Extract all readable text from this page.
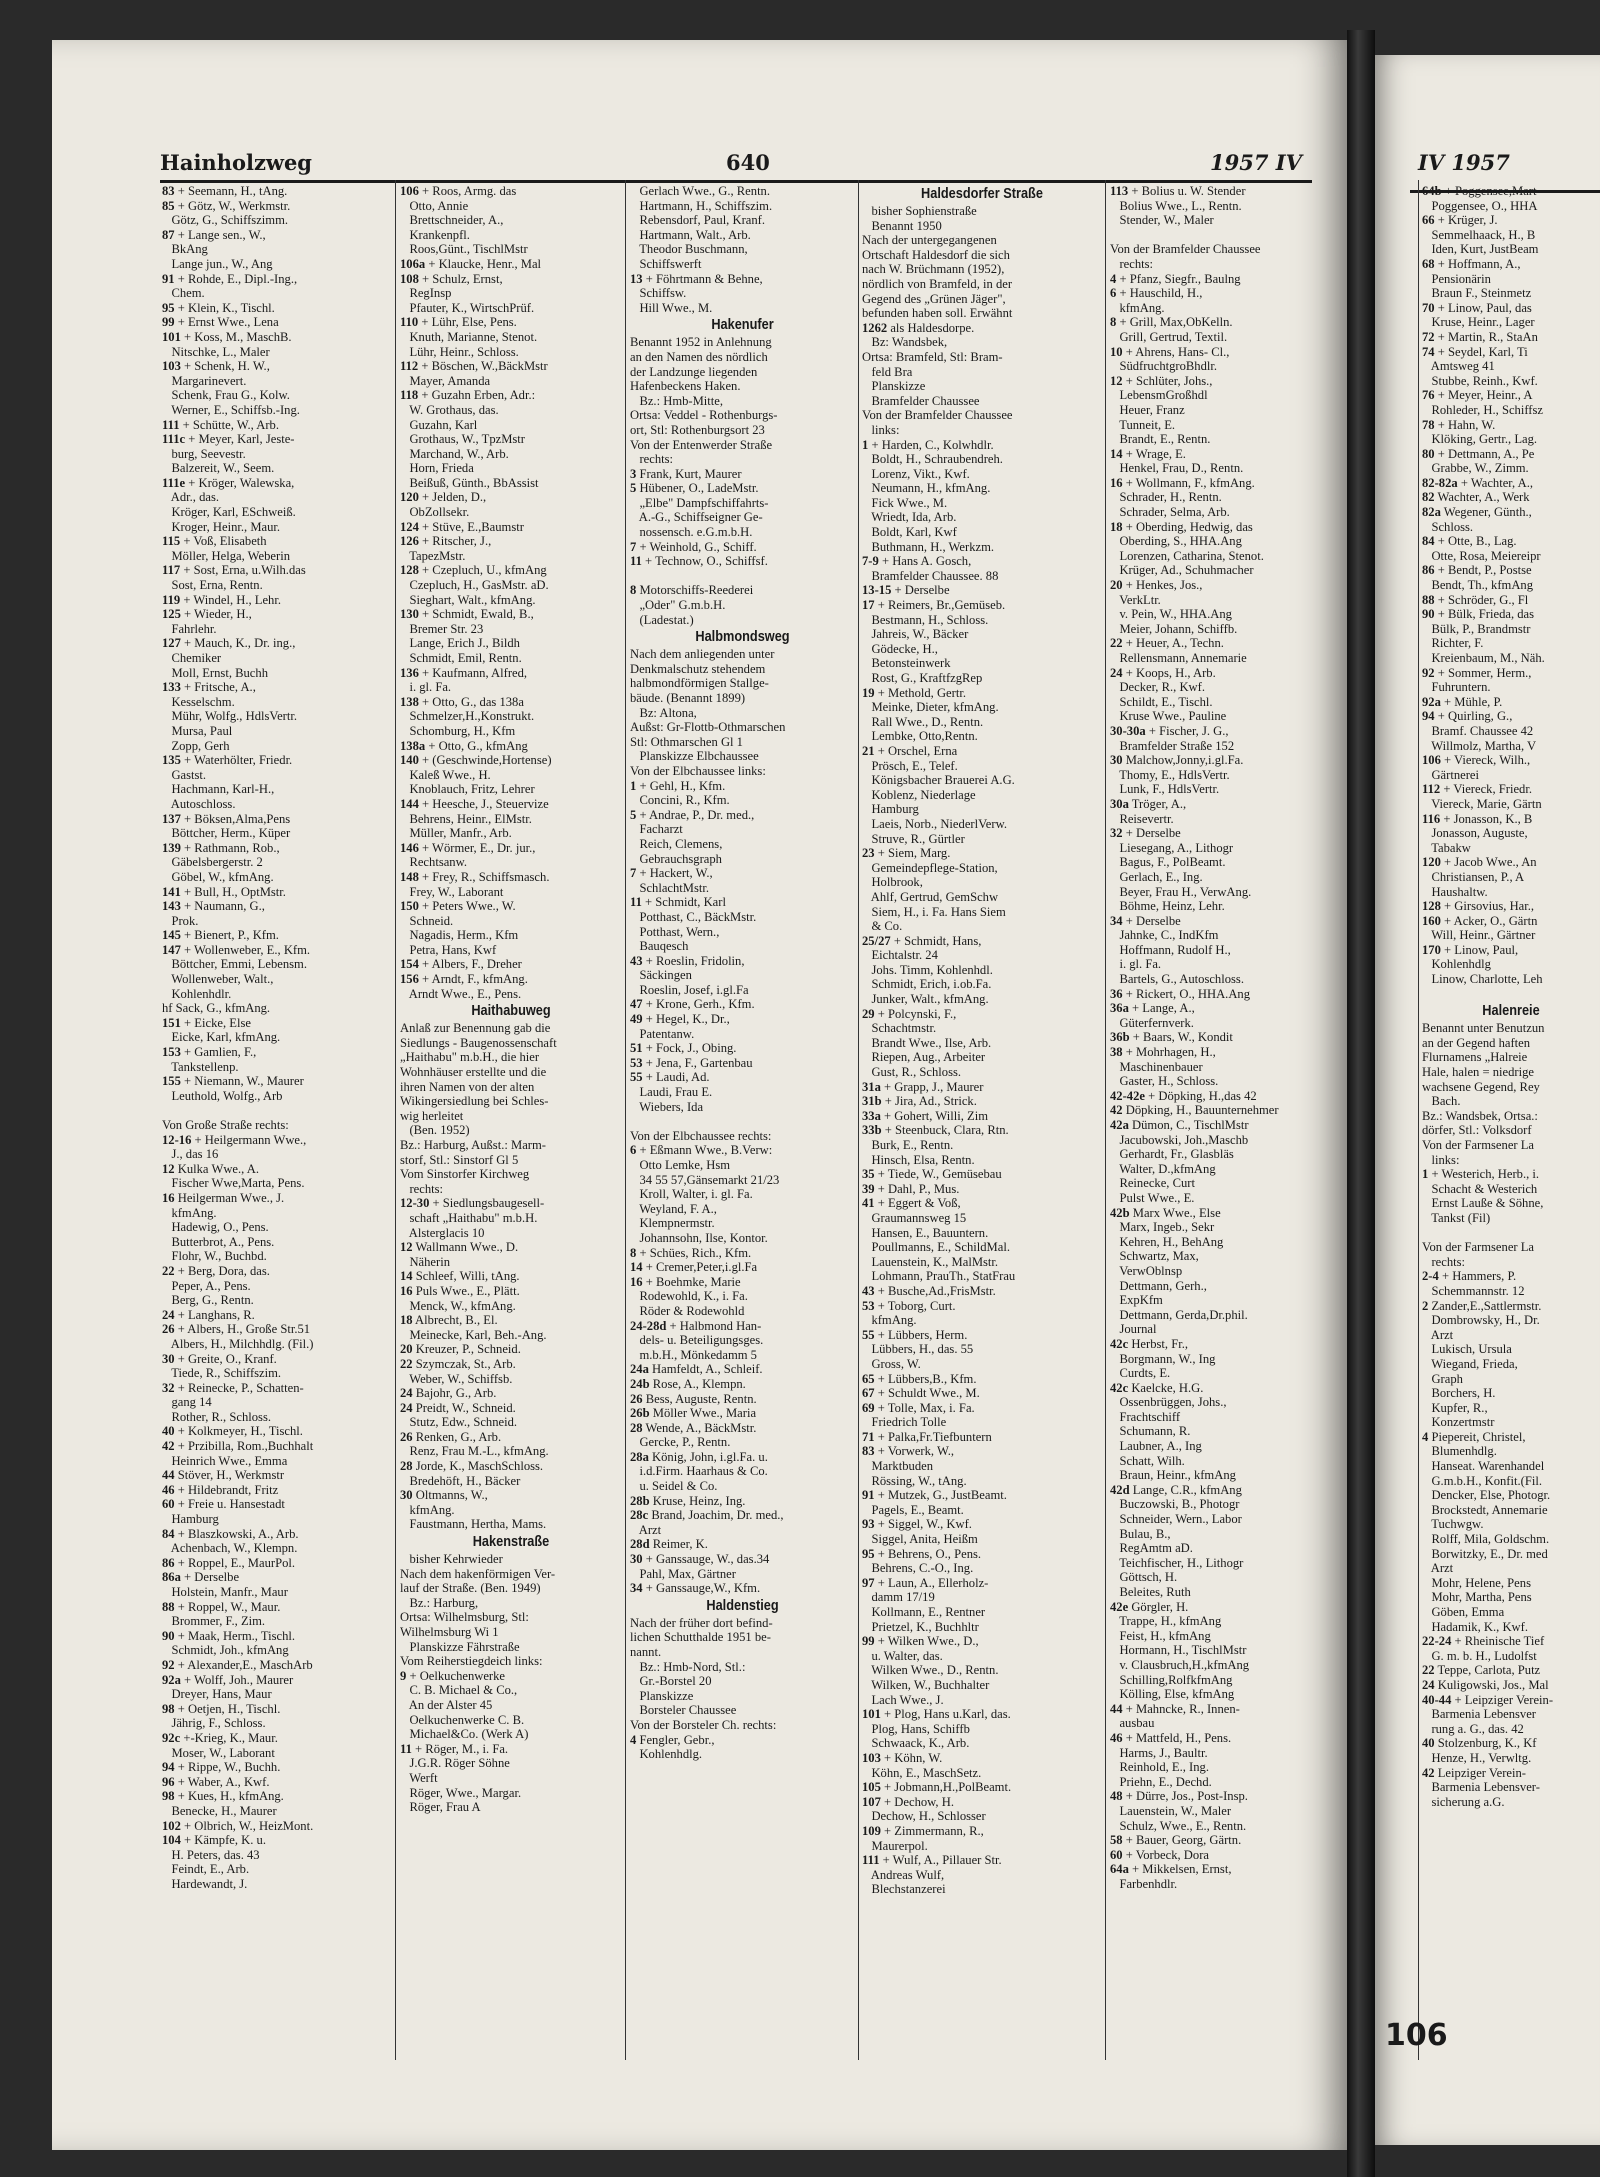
Hainholzweg	640	1957 IV	IV 1957
83 + Seemann, H., tAng.
85 + Götz, W., Werkmstr.
Götz, G., Schiffszimm.
87 + Lange sen., W.,
BkAng
Lange jun., W., Ang
91 + Rohde, E., Dipl.-Ing.,
Chem.
95 + Klein, K., Tischl.
99 + Ernst Wwe., Lena
101 + Koss, M., MaschB.
Nitschke, L., Maler
103 + Schenk, H. W.,
Margarinevert.
Schenk, Frau G., Kolw.
Werner, E., Schiffsb.-Ing.
111 + Schütte, W., Arb.
111c + Meyer, Karl, Jeste-
burg, Seevestr.
Balzereit, W., Seem.
111e + Kröger, Walewska,
Adr., das.
Kröger, Karl, ESchweiß.
Kroger, Heinr., Maur.
115 + Voß, Elisabeth
Möller, Helga, Weberin
117 + Sost, Erna, u.Wilh.das
Sost, Erna, Rentn.
119 + Windel, H., Lehr.
125 + Wieder, H.,
Fahrlehr.
127 + Mauch, K., Dr. ing.,
Chemiker
Moll, Ernst, Buchh
133 + Fritsche, A.,
Kesselschm.
Mühr, Wolfg., HdlsVertr.
Mursa, Paul
Zopp, Gerh
135 + Waterhölter, Friedr.
Gastst.
Hachmann, Karl-H.,
Autoschloss.
137 + Böksen,Alma,Pens
Böttcher, Herm., Küper
139 + Rathmann, Rob.,
Gäbelsbergerstr. 2
Göbel, W., kfmAng.
141 + Bull, H., OptMstr.
143 + Naumann, G.,
Prok.
145 + Bienert, P., Kfm.
147 + Wollenweber, E., Kfm.
Böttcher, Emmi, Lebensm.
Wollenweber, Walt.,
Kohlenhdlr.
hf Sack, G., kfmAng.
151 + Eicke, Else
Eicke, Karl, kfmAng.
153 + Gamlien, F.,
Tankstellenp.
155 + Niemann, W., Maurer
Leuthold, Wolfg., Arb
Von Große Straße rechts:
12-16 + Heilgermann Wwe.,
J., das 16
12 Kulka Wwe., A.
Fischer Wwe,Marta, Pens.
16 Heilgerman Wwe., J.
kfmAng.
Hadewig, O., Pens.
Butterbrot, A., Pens.
Flohr, W., Buchbd.
22 + Berg, Dora, das.
Peper, A., Pens.
Berg, G., Rentn.
24 + Langhans, R.
26 + Albers, H., Große Str.51
Albers, H., Milchhdlg. (Fil.)
30 + Greite, O., Kranf.
Tiede, R., Schiffszim.
32 + Reinecke, P., Schatten-
gang 14
Rother, R., Schloss.
40 + Kolkmeyer, H., Tischl.
42 + Przibilla, Rom.,Buchhalt
Heinrich Wwe., Emma
44 Stöver, H., Werkmstr
46 + Hildebrandt, Fritz
60 + Freie u. Hansestadt
Hamburg
84 + Blaszkowski, A., Arb.
Achenbach, W., Klempn.
86 + Roppel, E., MaurPol.
86a + Derselbe
Holstein, Manfr., Maur
88 + Roppel, W., Maur.
Brommer, F., Zim.
90 + Maak, Herm., Tischl.
Schmidt, Joh., kfmAng
92 + Alexander,E., MaschArb
92a + Wolff, Joh., Maurer
Dreyer, Hans, Maur
98 + Oetjen, H., Tischl.
Jährig, F., Schloss.
92c +-Krieg, K., Maur.
Moser, W., Laborant
94 + Rippe, W., Buchh.
96 + Waber, A., Kwf.
98 + Kues, H., kfmAng.
Benecke, H., Maurer
102 + Olbrich, W., HeizMont.
104 + Kämpfe, K. u.
H. Peters, das. 43
Feindt, E., Arb.
Hardewandt, J.
106 + Roos, Armg. das
Otto, Annie
Brettschneider, A.,
Krankenpfl.
Roos,Günt., TischlMstr
106a + Klaucke, Henr., Mal
108 + Schulz, Ernst,
RegInsp
Pfauter, K., WirtschPrüf.
110 + Lühr, Else, Pens.
Knuth, Marianne, Stenot.
Lühr, Heinr., Schloss.
112 + Böschen, W.,BäckMstr
Mayer, Amanda
118 + Guzahn Erben, Adr.:
W. Grothaus, das.
Guzahn, Karl
Grothaus, W., TpzMstr
Marchand, W., Arb.
Horn, Frieda
Beißuß, Günth., BbAssist
120 + Jelden, D.,
ObZollsekr.
124 + Stüve, E.,Baumstr
126 + Ritscher, J.,
TapezMstr.
128 + Czepluch, U., kfmAng
Czepluch, H., GasMstr. aD.
Sieghart, Walt., kfmAng.
130 + Schmidt, Ewald, B.,
Bremer Str. 23
Lange, Erich J., Bildh
Schmidt, Emil, Rentn.
136 + Kaufmann, Alfred,
i. gl. Fa.
138 + Otto, G., das 138a
Schmelzer,H.,Konstrukt.
Schomburg, H., Kfm
138a + Otto, G., kfmAng
140 + (Geschwinde,Hortense)
Kaleß Wwe., H.
Knoblauch, Fritz, Lehrer
144 + Heesche, J., Steuervize
Behrens, Heinr., ElMstr.
Müller, Manfr., Arb.
146 + Wörmer, E., Dr. jur.,
Rechtsanw.
148 + Frey, R., Schiffsmasch.
Frey, W., Laborant
150 + Peters Wwe., W.
Schneid.
Nagadis, Herm., Kfm
Petra, Hans, Kwf
154 + Albers, F., Dreher
156 + Arndt, F., kfmAng.
Arndt Wwe., E., Pens.
Haithabuweg
Anlaß zur Benennung gab die
Siedlungs - Baugenossenschaft
„Haithabu" m.b.H., die hier
Wohnhäuser erstellte und die
ihren Namen von der alten
Wikingersiedlung bei Schles-
wig herleitet
(Ben. 1952)
Bz.: Harburg, Außst.: Marm-
storf, Stl.: Sinstorf Gl 5
Vom Sinstorfer Kirchweg
rechts:
12-30 + Siedlungsbaugesell-
schaft „Haithabu" m.b.H.
Alsterglacis 10
12 Wallmann Wwe., D.
Näherin
14 Schleef, Willi, tAng.
16 Puls Wwe., E., Plätt.
Menck, W., kfmAng.
18 Albrecht, B., El.
Meinecke, Karl, Beh.-Ang.
20 Kreuzer, P., Schneid.
22 Szymczak, St., Arb.
Weber, W., Schiffsb.
24 Bajohr, G., Arb.
24 Preidt, W., Schneid.
Stutz, Edw., Schneid.
26 Renken, G., Arb.
Renz, Frau M.-L., kfmAng.
28 Jorde, K., MaschSchloss.
Bredehöft, H., Bäcker
30 Oltmanns, W.,
kfmAng.
Faustmann, Hertha, Mams.
Hakenstraße
bisher Kehrwieder
Nach dem hakenförmigen Ver-
lauf der Straße. (Ben. 1949)
Bz.: Harburg,
Ortsa: Wilhelmsburg, Stl:
Wilhelmsburg Wi 1
Planskizze Fährstraße
Vom Reiherstiegdeich links:
9 + Oelkuchenwerke
C. B. Michael & Co.,
An der Alster 45
Oelkuchenwerke C. B.
Michael&Co. (Werk A)
11 + Röger, M., i. Fa.
J.G.R. Röger Söhne
Werft
Röger, Wwe., Margar.
Röger, Frau A
Gerlach Wwe., G., Rentn.
Hartmann, H., Schiffszim.
Rebensdorf, Paul, Kranf.
Hartmann, Walt., Arb.
Theodor Buschmann,
Schiffswerft
13 + Föhrtmann & Behne,
Schiffsw.
Hill Wwe., M.
Hakenufer
Benannt 1952 in Anlehnung
an den Namen des nördlich
der Landzunge liegenden
Hafenbeckens Haken.
Bz.: Hmb-Mitte,
Ortsa: Veddel - Rothenburgs-
ort, Stl: Rothenburgsort 23
Von der Entenwerder Straße
rechts:
3 Frank, Kurt, Maurer
5 Hübener, O., LadeMstr.
„Elbe" Dampfschiffahrts-
A.-G., Schiffseigner Ge-
nossensch. e.G.m.b.H.
7 + Weinhold, G., Schiff.
11 + Technow, O., Schiffsf.
8 Motorschiffs-Reederei
„Oder" G.m.b.H.
(Ladestat.)
Halbmondsweg
Nach dem anliegenden unter
Denkmalschutz stehendem
halbmondförmigen Stallge-
bäude. (Benannt 1899)
Bz: Altona,
Außst: Gr-Flottb-Othmarschen
Stl: Othmarschen Gl 1
Planskizze Elbchaussee
Von der Elbchaussee links:
1 + Gehl, H., Kfm.
Concini, R., Kfm.
5 + Andrae, P., Dr. med.,
Facharzt
Reich, Clemens,
Gebrauchsgraph
7 + Hackert, W.,
SchlachtMstr.
11 + Schmidt, Karl
Potthast, C., BäckMstr.
Potthast, Wern.,
Bauqesch
43 + Roeslin, Fridolin,
Säckingen
Roeslin, Josef, i.gl.Fa
47 + Krone, Gerh., Kfm.
49 + Hegel, K., Dr.,
Patentanw.
51 + Fock, J., Obing.
53 + Jena, F., Gartenbau
55 + Laudi, Ad.
Laudi, Frau E.
Wiebers, Ida
Von der Elbchaussee rechts:
6 + Eßmann Wwe., B.Verw:
Otto Lemke, Hsm
34 55 57,Gänsemarkt 21/23
Kroll, Walter, i. gl. Fa.
Weyland, F. A.,
Klempnermstr.
Johannsohn, Ilse, Kontor.
8 + Schües, Rich., Kfm.
14 + Cremer,Peter,i.gl.Fa
16 + Boehmke, Marie
Rodewohld, K., i. Fa.
Röder & Rodewohld
24-28d + Halbmond Han-
dels- u. Beteiligungsges.
m.b.H., Mönkedamm 5
24a Hamfeldt, A., Schleif.
24b Rose, A., Klempn.
26 Bess, Auguste, Rentn.
26b Möller Wwe., Maria
28 Wende, A., BäckMstr.
Gercke, P., Rentn.
28a König, John, i.gl.Fa. u.
i.d.Firm. Haarhaus & Co.
u. Seidel & Co.
28b Kruse, Heinz, Ing.
28c Brand, Joachim, Dr. med.,
Arzt
28d Reimer, K.
30 + Ganssauge, W., das.34
Pahl, Max, Gärtner
34 + Ganssauge,W., Kfm.
Haldenstieg
Nach der früher dort befind-
lichen Schutthalde 1951 be-
nannt.
Bz.: Hmb-Nord, Stl.:
Gr.-Borstel 20
Planskizze
Borsteler Chaussee
Von der Borsteler Ch. rechts:
4 Fengler, Gebr.,
Kohlenhdlg.
Haldesdorfer Straße
bisher Sophienstraße
Benannt 1950
Nach der untergegangenen
Ortschaft Haldesdorf die sich
nach W. Brüchmann (1952),
nördlich von Bramfeld, in der
Gegend des „Grünen Jäger",
befunden haben soll. Erwähnt
1262 als Haldesdorpe.
Bz: Wandsbek,
Ortsa: Bramfeld, Stl: Bram-
feld Bra
Planskizze
Bramfelder Chaussee
Von der Bramfelder Chaussee
links:
1 + Harden, C., Kolwhdlr.
Boldt, H., Schraubendreh.
Lorenz, Vikt., Kwf.
Neumann, H., kfmAng.
Fick Wwe., M.
Wriedt, Ida, Arb.
Boldt, Karl, Kwf
Buthmann, H., Werkzm.
7-9 + Hans A. Gosch,
Bramfelder Chaussee. 88
13-15 + Derselbe
17 + Reimers, Br.,Gemüseb.
Bestmann, H., Schloss.
Jahreis, W., Bäcker
Gödecke, H.,
Betonsteinwerk
Rost, G., KraftfzgRep
19 + Methold, Gertr.
Meinke, Dieter, kfmAng.
Rall Wwe., D., Rentn.
Lembke, Otto,Rentn.
21 + Orschel, Erna
Prösch, E., Telef.
Königsbacher Brauerei A.G.
Koblenz, Niederlage
Hamburg
Laeis, Norb., NiederlVerw.
Struve, R., Gürtler
23 + Siem, Marg.
Gemeindepflege-Station,
Holbrook,
Ahlf, Gertrud, GemSchw
Siem, H., i. Fa. Hans Siem
& Co.
25/27 + Schmidt, Hans,
Eichtalstr. 24
Johs. Timm, Kohlenhdl.
Schmidt, Erich, i.ob.Fa.
Junker, Walt., kfmAng.
29 + Polcynski, F.,
Schachtmstr.
Brandt Wwe., Ilse, Arb.
Riepen, Aug., Arbeiter
Gust, R., Schloss.
31a + Grapp, J., Maurer
31b + Jira, Ad., Strick.
33a + Gohert, Willi, Zim
33b + Steenbuck, Clara, Rtn.
Burk, E., Rentn.
Hinsch, Elsa, Rentn.
35 + Tiede, W., Gemüsebau
39 + Dahl, P., Mus.
41 + Eggert & Voß,
Graumannsweg 15
Hansen, E., Bauuntern.
Poullmanns, E., SchildMal.
Lauenstein, K., MalMstr.
Lohmann, PrauTh., StatFrau
43 + Busche,Ad.,FrisMstr.
53 + Toborg, Curt.
kfmAng.
55 + Lübbers, Herm.
Lübbers, H., das. 55
Gross, W.
65 + Lübbers,B., Kfm.
67 + Schuldt Wwe., M.
69 + Tolle, Max, i. Fa.
Friedrich Tolle
71 + Palka,Fr.Tiefbuntern
83 + Vorwerk, W.,
Marktbuden
Rössing, W., tAng.
91 + Mutzek, G., JustBeamt.
Pagels, E., Beamt.
93 + Siggel, W., Kwf.
Siggel, Anita, Heißm
95 + Behrens, O., Pens.
Behrens, C.-O., Ing.
97 + Laun, A., Ellerholz-
damm 17/19
Kollmann, E., Rentner
Prietzel, K., Buchhltr
99 + Wilken Wwe., D.,
u. Walter, das.
Wilken Wwe., D., Rentn.
Wilken, W., Buchhalter
Lach Wwe., J.
101 + Plog, Hans u.Karl, das.
Plog, Hans, Schiffb
Schwaack, K., Arb.
103 + Köhn, W.
Köhn, E., MaschSetz.
105 + Jobmann,H.,PolBeamt.
107 + Dechow, H.
Dechow, H., Schlosser
109 + Zimmermann, R.,
Maurerpol.
111 + Wulf, A., Pillauer Str.
Andreas Wulf,
Blechstanzerei
113 + Bolius u. W. Stender
Bolius Wwe., L., Rentn.
Stender, W., Maler
Von der Bramfelder Chaussee
rechts:
4 + Pfanz, Siegfr., Baulng
6 + Hauschild, H.,
kfmAng.
8 + Grill, Max,ObKelln.
Grill, Gertrud, Textil.
10 + Ahrens, Hans- Cl.,
SüdfruchtgroBhdlr.
12 + Schlüter, Johs.,
LebensmGroßhdl
Heuer, Franz
Tunneit, E.
Brandt, E., Rentn.
14 + Wrage, E.
Henkel, Frau, D., Rentn.
16 + Wollmann, F., kfmAng.
Schrader, H., Rentn.
Schrader, Selma, Arb.
18 + Oberding, Hedwig, das
Oberding, S., HHA.Ang
Lorenzen, Catharina, Stenot.
Krüger, Ad., Schuhmacher
20 + Henkes, Jos.,
VerkLtr.
v. Pein, W., HHA.Ang
Meier, Johann, Schiffb.
22 + Heuer, A., Techn.
Rellensmann, Annemarie
24 + Koops, H., Arb.
Decker, R., Kwf.
Schildt, E., Tischl.
Kruse Wwe., Pauline
30-30a + Fischer, J. G.,
Bramfelder Straße 152
30 Malchow,Jonny,i.gl.Fa.
Thomy, E., HdlsVertr.
Lunk, F., HdlsVertr.
30a Tröger, A.,
Reisevertr.
32 + Derselbe
Liesegang, A., Lithogr
Bagus, F., PolBeamt.
Gerlach, E., Ing.
Beyer, Frau H., VerwAng.
Böhme, Heinz, Lehr.
34 + Derselbe
Jahnke, C., IndKfm
Hoffmann, Rudolf H.,
i. gl. Fa.
Bartels, G., Autoschloss.
36 + Rickert, O., HHA.Ang
36a + Lange, A.,
Güterfernverk.
36b + Baars, W., Kondit
38 + Mohrhagen, H.,
Maschinenbauer
Gaster, H., Schloss.
42-42e + Döpking, H.,das 42
42 Döpking, H., Bauunternehmer
42a Dümon, C., TischlMstr
Jacubowski, Joh.,Maschb
Gerhardt, Fr., Glasbläs
Walter, D.,kfmAng
Reinecke, Curt
Pulst Wwe., E.
42b Marx Wwe., Else
Marx, Ingeb., Sekr
Kehren, H., BehAng
Schwartz, Max,
VerwOblnsp
Dettmann, Gerh.,
ExpKfm
Dettmann, Gerda,Dr.phil.
Journal
42c Herbst, Fr.,
Borgmann, W., Ing
Curdts, E.
42c Kaelcke, H.G.
Ossenbrüggen, Johs.,
Frachtschiff
Schumann, R.
Laubner, A., Ing
Schatt, Wilh.
Braun, Heinr., kfmAng
42d Lange, C.R., kfmAng
Buczowski, B., Photogr
Schneider, Wern., Labor
Bulau, B.,
RegAmtm aD.
Teichfischer, H., Lithogr
Göttsch, H.
Beleites, Ruth
42e Görgler, H.
Trappe, H., kfmAng
Feist, H., kfmAng
Hormann, H., TischlMstr
v. Clausbruch,H.,kfmAng
Schilling,RolfkfmAng
Kölling, Else, kfmAng
44 + Mahncke, R., Innen-
ausbau
46 + Mattfeld, H., Pens.
Harms, J., Baultr.
Reinhold, E., Ing.
Priehn, E., Dechd.
48 + Dürre, Jos., Post-Insp.
Lauenstein, W., Maler
Schulz, Wwe., E., Rentn.
58 + Bauer, Georg, Gärtn.
60 + Vorbeck, Dora
64a + Mikkelsen, Ernst,
Farbenhdlr.
64b + Poggensee,Mart
Poggensee, O., HHA
66 + Krüger, J.
Semmelhaack, H., B
Iden, Kurt, JustBeam
68 + Hoffmann, A.,
Pensionärin
Braun F., Steinmetz
70 + Linow, Paul, das
Kruse, Heinr., Lager
72 + Martin, R., StaAn
74 + Seydel, Karl, Ti
Amtsweg 41
Stubbe, Reinh., Kwf.
76 + Meyer, Heinr., A
Rohleder, H., Schiffsz
78 + Hahn, W.
Klöking, Gertr., Lag.
80 + Dettmann, A., Pe
Grabbe, W., Zimm.
82-82a + Wachter, A.,
82 Wachter, A., Werk
82a Wegener, Günth.,
Schloss.
84 + Otte, B., Lag.
Otte, Rosa, Meiereipr
86 + Bendt, P., Postse
Bendt, Th., kfmAng
88 + Schröder, G., Fl
90 + Bülk, Frieda, das
Bülk, P., Brandmstr
Richter, F.
Kreienbaum, M., Näh.
92 + Sommer, Herm.,
Fuhruntern.
92a + Mühle, P.
94 + Quirling, G.,
Bramf. Chaussee 42
Willmolz, Martha, V
106 + Viereck, Wilh.,
Gärtnerei
112 + Viereck, Friedr.
Viereck, Marie, Gärtn
116 + Jonasson, K., B
Jonasson, Auguste,
Tabakw
120 + Jacob Wwe., An
Christiansen, P., A
Haushaltw.
128 + Girsovius, Har.,
160 + Acker, O., Gärtn
Will, Heinr., Gärtner
170 + Linow, Paul,
Kohlenhdlg
Linow, Charlotte, Leh
Halenreie
Benannt unter Benutzun
an der Gegend haften
Flurnamens „Halreie
Hale, halen = niedrige
wachsene Gegend, Rey
Bach.
Bz.: Wandsbek, Ortsa.:
dörfer, Stl.: Volksdorf
Von der Farmsener La
links:
1 + Westerich, Herb., i.
Schacht & Westerich
Ernst Lauße & Söhne,
Tankst (Fil)
Von der Farmsener La
rechts:
2-4 + Hammers, P.
Schemmannstr. 12
2 Zander,E.,Sattlermstr.
Dombrowsky, H., Dr.
Arzt
Lukisch, Ursula
Wiegand, Frieda,
Graph
Borchers, H.
Kupfer, R.,
Konzertmstr
4 Piepereit, Christel,
Blumenhdlg.
Hanseat. Warenhandel
G.m.b.H., Konfit.(Fil.
Dencker, Else, Photogr.
Brockstedt, Annemarie
Tuchwgw.
Rolff, Mila, Goldschm.
Borwitzky, E., Dr. med
Arzt
Mohr, Helene, Pens
Mohr, Martha, Pens
Göben, Emma
Hadamik, K., Kwf.
22-24 + Rheinische Tief
G. m. b. H., Ludolfst
22 Teppe, Carlota, Putz
24 Kuligowski, Jos., Mal
40-44 + Leipziger Verein-
Barmenia Lebensver
rung a. G., das. 42
40 Stolzenburg, K., Kf
Henze, H., Verwltg.
42 Leipziger Verein-
Barmenia Lebensver-
sicherung a.G.
106
